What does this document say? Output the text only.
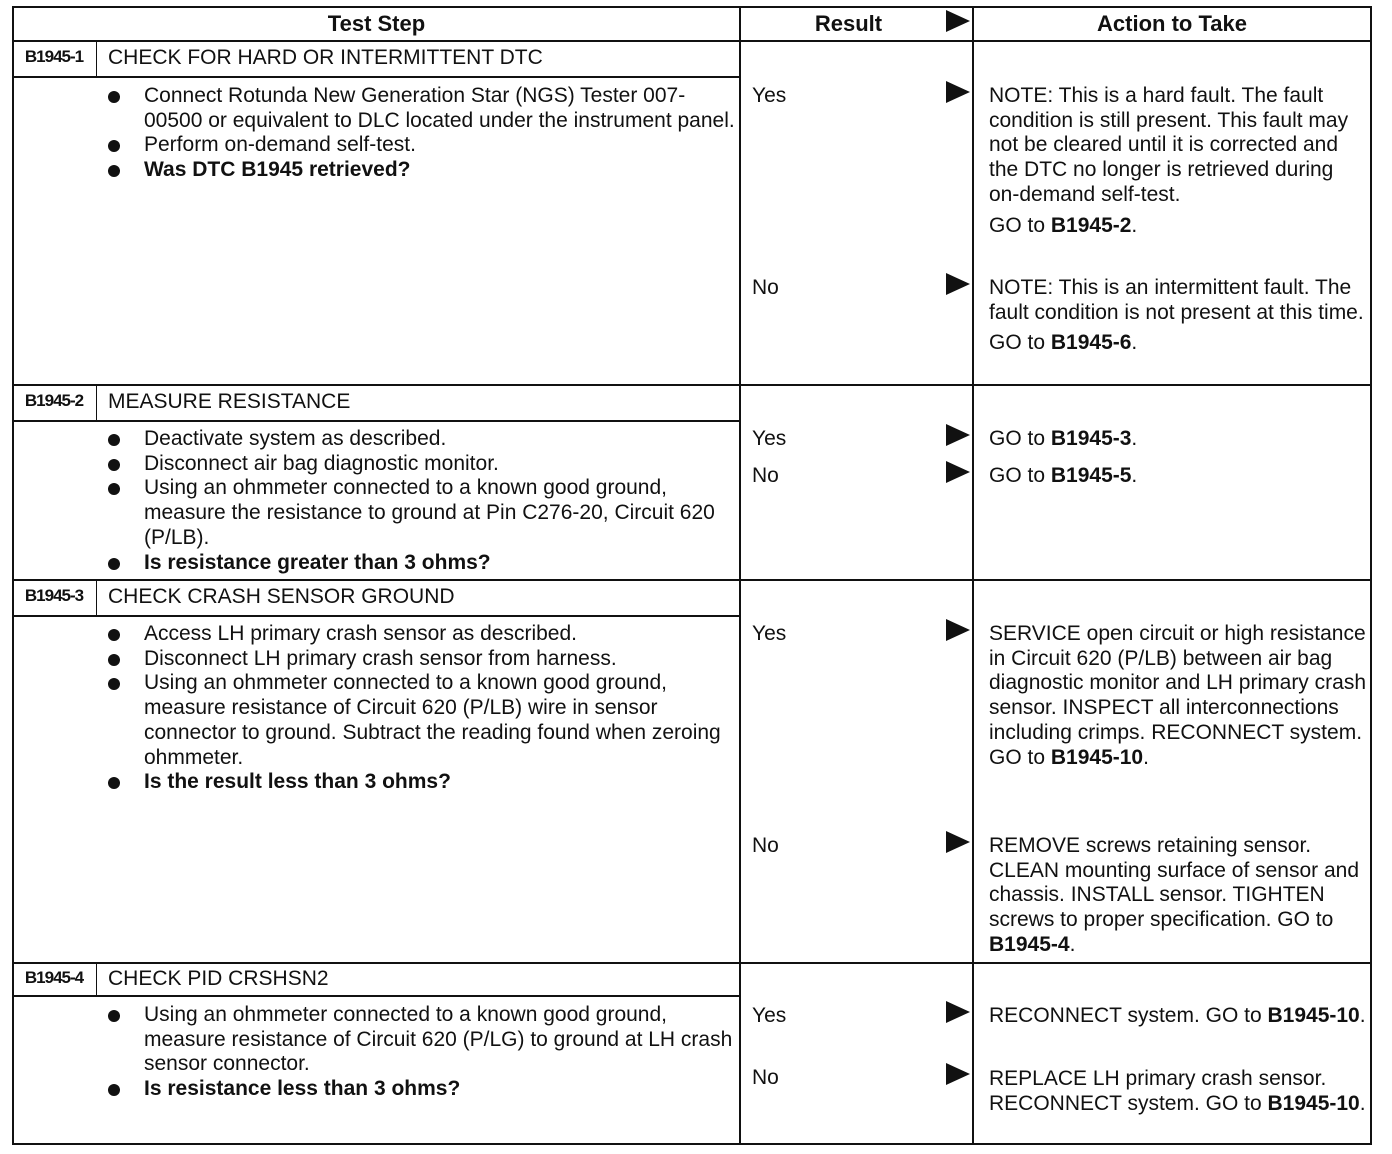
Test Step	Result	Action to Take
B1945-1	CHECK FOR HARD OR INTERMITTENT DTC
Connect Rotunda New Generation Star (NGS) Tester 007-00500 or equivalent to DLC located under the instrument panel.
Perform on-demand self-test.
Was DTC B1945 retrieved?
Yes	NOTE: This is a hard fault. The fault condition is still present. This fault may not be cleared until it is corrected and the DTC no longer is retrieved during on-demand self-test.

GO to B1945-2.

No	NOTE: This is an intermittent fault. The fault condition is not present at this time.

GO to B1945-6.

B1945-2	MEASURE RESISTANCE
Deactivate system as described.
Disconnect air bag diagnostic monitor.
Using an ohmmeter connected to a known good ground, measure the resistance to ground at Pin C276-20, Circuit 620 (P/LB).
Is resistance greater than 3 ohms?
Yes	GO to B1945-3.

No	GO to B1945-5.

B1945-3	CHECK CRASH SENSOR GROUND
Access LH primary crash sensor as described.
Disconnect LH primary crash sensor from harness.
Using an ohmmeter connected to a known good ground, measure resistance of Circuit 620 (P/LB) wire in sensor connector to ground. Subtract the reading found when zeroing ohmmeter.
Is the result less than 3 ohms?
Yes	SERVICE open circuit or high resistance in Circuit 620 (P/LB) between air bag diagnostic monitor and LH primary crash sensor. INSPECT all interconnections including crimps. RECONNECT system. GO to B1945-10.

No	REMOVE screws retaining sensor. CLEAN mounting surface of sensor and chassis. INSTALL sensor. TIGHTEN screws to proper specification. GO to B1945-4.

B1945-4	CHECK PID CRSHSN2
Using an ohmmeter connected to a known good ground, measure resistance of Circuit 620 (P/LG) to ground at LH crash sensor connector.
Is resistance less than 3 ohms?
Yes	RECONNECT system. GO to B1945-10.

No	REPLACE LH primary crash sensor. RECONNECT system. GO to B1945-10.
